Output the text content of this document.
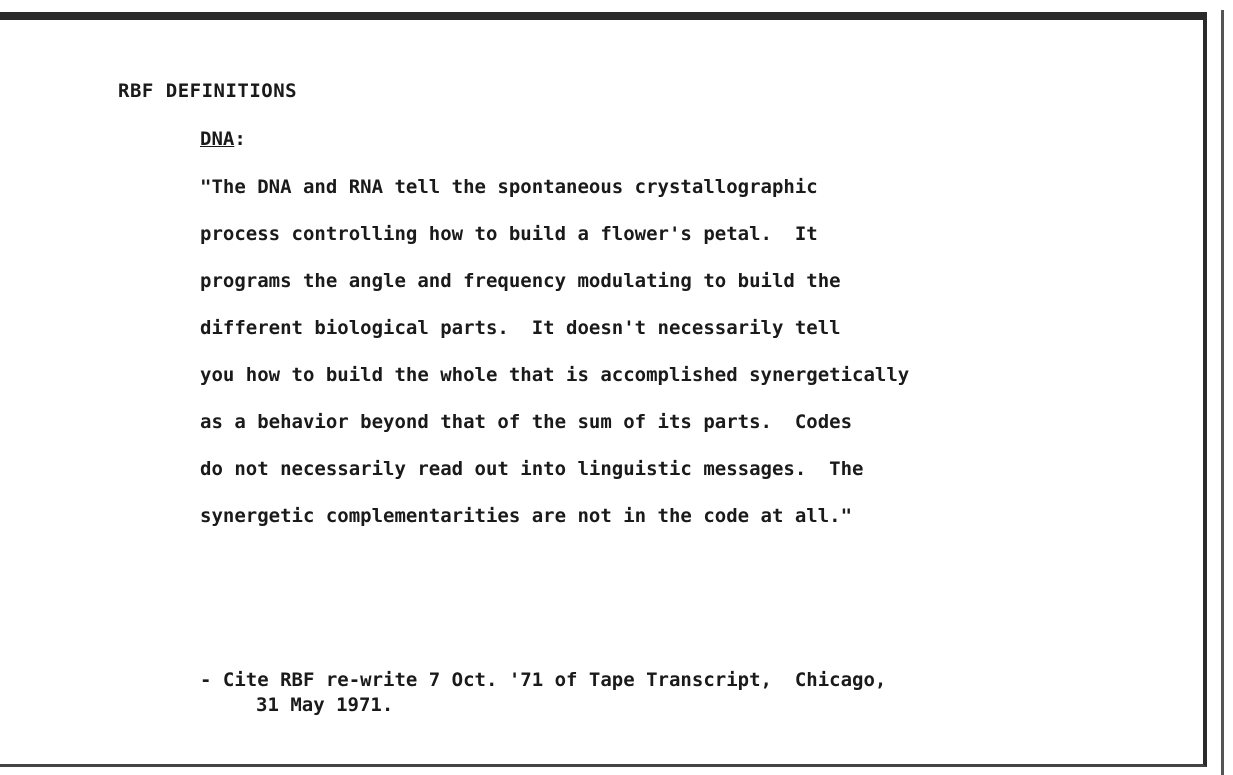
RBF DEFINITIONS
DNA:
"The DNA and RNA tell the spontaneous crystallographic
process controlling how to build a flower's petal.  It
programs the angle and frequency modulating to build the
different biological parts.  It doesn't necessarily tell
you how to build the whole that is accomplished synergetically
as a behavior beyond that of the sum of its parts.  Codes
do not necessarily read out into linguistic messages.  The
synergetic complementarities are not in the code at all."
- Cite RBF re-write 7 Oct. '71 of Tape Transcript,  Chicago,
31 May 1971.
